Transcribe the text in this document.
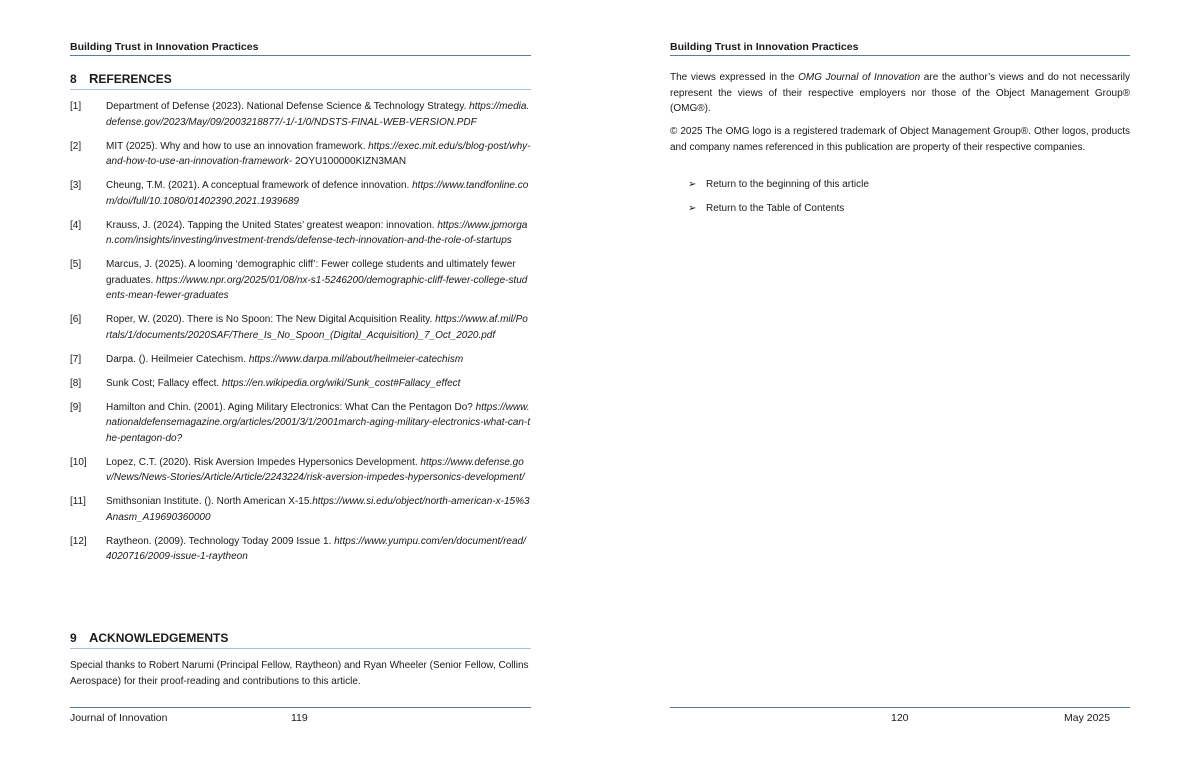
Building Trust in Innovation Practices
8 REFERENCES
[1]	Department of Defense (2023). National Defense Science & Technology Strategy. https://media.defense.gov/2023/May/09/2003218877/-1/-1/0/NDSTS-FINAL-WEB-VERSION.PDF
[2]	MIT (2025). Why and how to use an innovation framework. https://exec.mit.edu/s/blog-post/why-and-how-to-use-an-innovation-framework- 2OYU100000KIZN3MAN
[3]	Cheung, T.M. (2021). A conceptual framework of defence innovation. https://www.tandfonline.com/doi/full/10.1080/01402390.2021.1939689
[4]	Krauss, J. (2024). Tapping the United States’ greatest weapon: innovation. https://www.jpmorgan.com/insights/investing/investment-trends/defense-tech-innovation-and-the-role-of-startups
[5]	Marcus, J. (2025). A looming ‘demographic cliff’: Fewer college students and ultimately fewer graduates. https://www.npr.org/2025/01/08/nx-s1-5246200/demographic-cliff-fewer-college-students-mean-fewer-graduates
[6]	Roper, W. (2020). There is No Spoon: The New Digital Acquisition Reality. https://www.af.mil/Portals/1/documents/2020SAF/There_Is_No_Spoon_(Digital_Acquisition)_7_Oct_2020.pdf
[7]	Darpa. (). Heilmeier Catechism. https://www.darpa.mil/about/heilmeier-catechism
[8]	Sunk Cost; Fallacy effect. https://en.wikipedia.org/wiki/Sunk_cost#Fallacy_effect
[9]	Hamilton and Chin. (2001). Aging Military Electronics: What Can the Pentagon Do? https://www.nationaldefensemagazine.org/articles/2001/3/1/2001march-aging-military-electronics-what-can-the-pentagon-do?
[10]	Lopez, C.T. (2020). Risk Aversion Impedes Hypersonics Development. https://www.defense.gov/News/News-Stories/Article/Article/2243224/risk-aversion-impedes-hypersonics-development/
[11]	Smithsonian Institute. (). North American X-15.https://www.si.edu/object/north-american-x-15%3Anasm_A19690360000
[12]	Raytheon. (2009). Technology Today 2009 Issue 1. https://www.yumpu.com/en/document/read/4020716/2009-issue-1-raytheon
9 ACKNOWLEDGEMENTS
Special thanks to Robert Narumi (Principal Fellow, Raytheon) and Ryan Wheeler (Senior Fellow, Collins Aerospace) for their proof-reading and contributions to this article.
Journal of Innovation	119
Building Trust in Innovation Practices

The views expressed in the OMG Journal of Innovation are the author’s views and do not necessarily represent the views of their respective employers nor those of the Object Management Group® (OMG®).

© 2025 The OMG logo is a registered trademark of Object Management Group®. Other logos, products and company names referenced in this publication are property of their respective companies.

➢ Return to the beginning of this article
➢ Return to the Table of Contents
120	May 2025
